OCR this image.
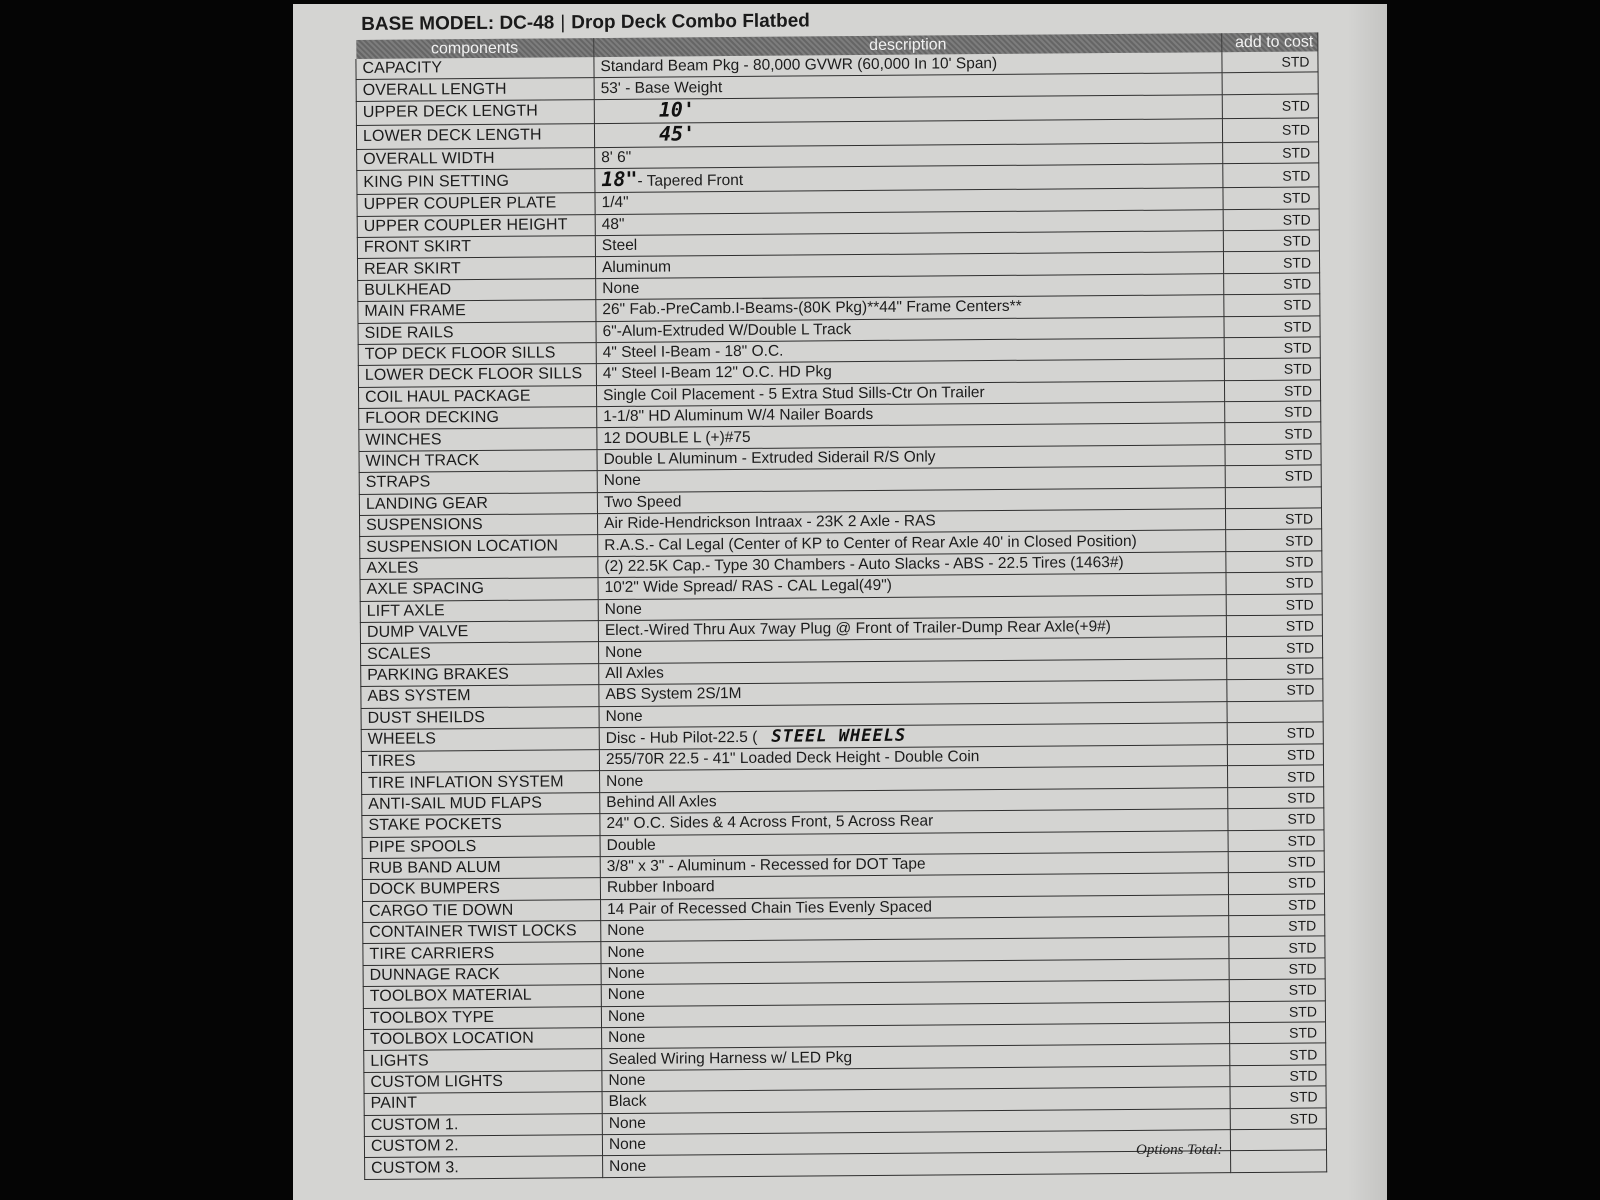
BASE MODEL: DC-48 | Drop Deck Combo Flatbed
components	description	add to cost
CAPACITY	Standard Beam Pkg - 80,000 GVWR (60,000 In 10' Span)	STD
OVERALL LENGTH	53' - Base Weight	
UPPER DECK LENGTH	10'	STD
LOWER DECK LENGTH	45'	STD
OVERALL WIDTH	8' 6"	STD
KING PIN SETTING	18"- Tapered Front	STD
UPPER COUPLER PLATE	1/4"	STD
UPPER COUPLER HEIGHT	48"	STD
FRONT SKIRT	Steel	STD
REAR SKIRT	Aluminum	STD
BULKHEAD	None	STD
MAIN FRAME	26" Fab.-PreCamb.I-Beams-(80K Pkg)**44" Frame Centers**	STD
SIDE RAILS	6"-Alum-Extruded W/Double L Track	STD
TOP DECK FLOOR SILLS	4" Steel I-Beam - 18" O.C.	STD
LOWER DECK FLOOR SILLS	4" Steel I-Beam 12" O.C. HD Pkg	STD
COIL HAUL PACKAGE	Single Coil Placement - 5 Extra Stud Sills-Ctr On Trailer	STD
FLOOR DECKING	1-1/8" HD Aluminum W/4 Nailer Boards	STD
WINCHES	12 DOUBLE L (+)#75	STD
WINCH TRACK	Double L Aluminum - Extruded Siderail R/S Only	STD
STRAPS	None	STD
LANDING GEAR	Two Speed	
SUSPENSIONS	Air Ride-Hendrickson Intraax - 23K 2 Axle - RAS	STD
SUSPENSION LOCATION	R.A.S.- Cal Legal (Center of KP to Center of Rear Axle 40' in Closed Position)	STD
AXLES	(2) 22.5K Cap.- Type 30 Chambers - Auto Slacks - ABS - 22.5 Tires (1463#)	STD
AXLE SPACING	10'2" Wide Spread/ RAS - CAL Legal(49")	STD
LIFT AXLE	None	STD
DUMP VALVE	Elect.-Wired Thru Aux 7way Plug @ Front of Trailer-Dump Rear Axle(+9#)	STD
SCALES	None	STD
PARKING BRAKES	All Axles	STD
ABS SYSTEM	ABS System 2S/1M	STD
DUST SHEILDS	None	
WHEELS	Disc - Hub Pilot-22.5 ( STEEL WHEELS	STD
TIRES	255/70R 22.5 - 41" Loaded Deck Height - Double Coin	STD
TIRE INFLATION SYSTEM	None	STD
ANTI-SAIL MUD FLAPS	Behind All Axles	STD
STAKE POCKETS	24" O.C. Sides & 4 Across Front, 5 Across Rear	STD
PIPE SPOOLS	Double	STD
RUB BAND ALUM	3/8" x 3" - Aluminum - Recessed for DOT Tape	STD
DOCK BUMPERS	Rubber Inboard	STD
CARGO TIE DOWN	14 Pair of Recessed Chain Ties Evenly Spaced	STD
CONTAINER TWIST LOCKS	None	STD
TIRE CARRIERS	None	STD
DUNNAGE RACK	None	STD
TOOLBOX MATERIAL	None	STD
TOOLBOX TYPE	None	STD
TOOLBOX LOCATION	None	STD
LIGHTS	Sealed Wiring Harness w/ LED Pkg	STD
CUSTOM LIGHTS	None	STD
PAINT	Black	STD
CUSTOM 1.	None	STD
CUSTOM 2.	None	
CUSTOM 3.	None	
Options Total:
